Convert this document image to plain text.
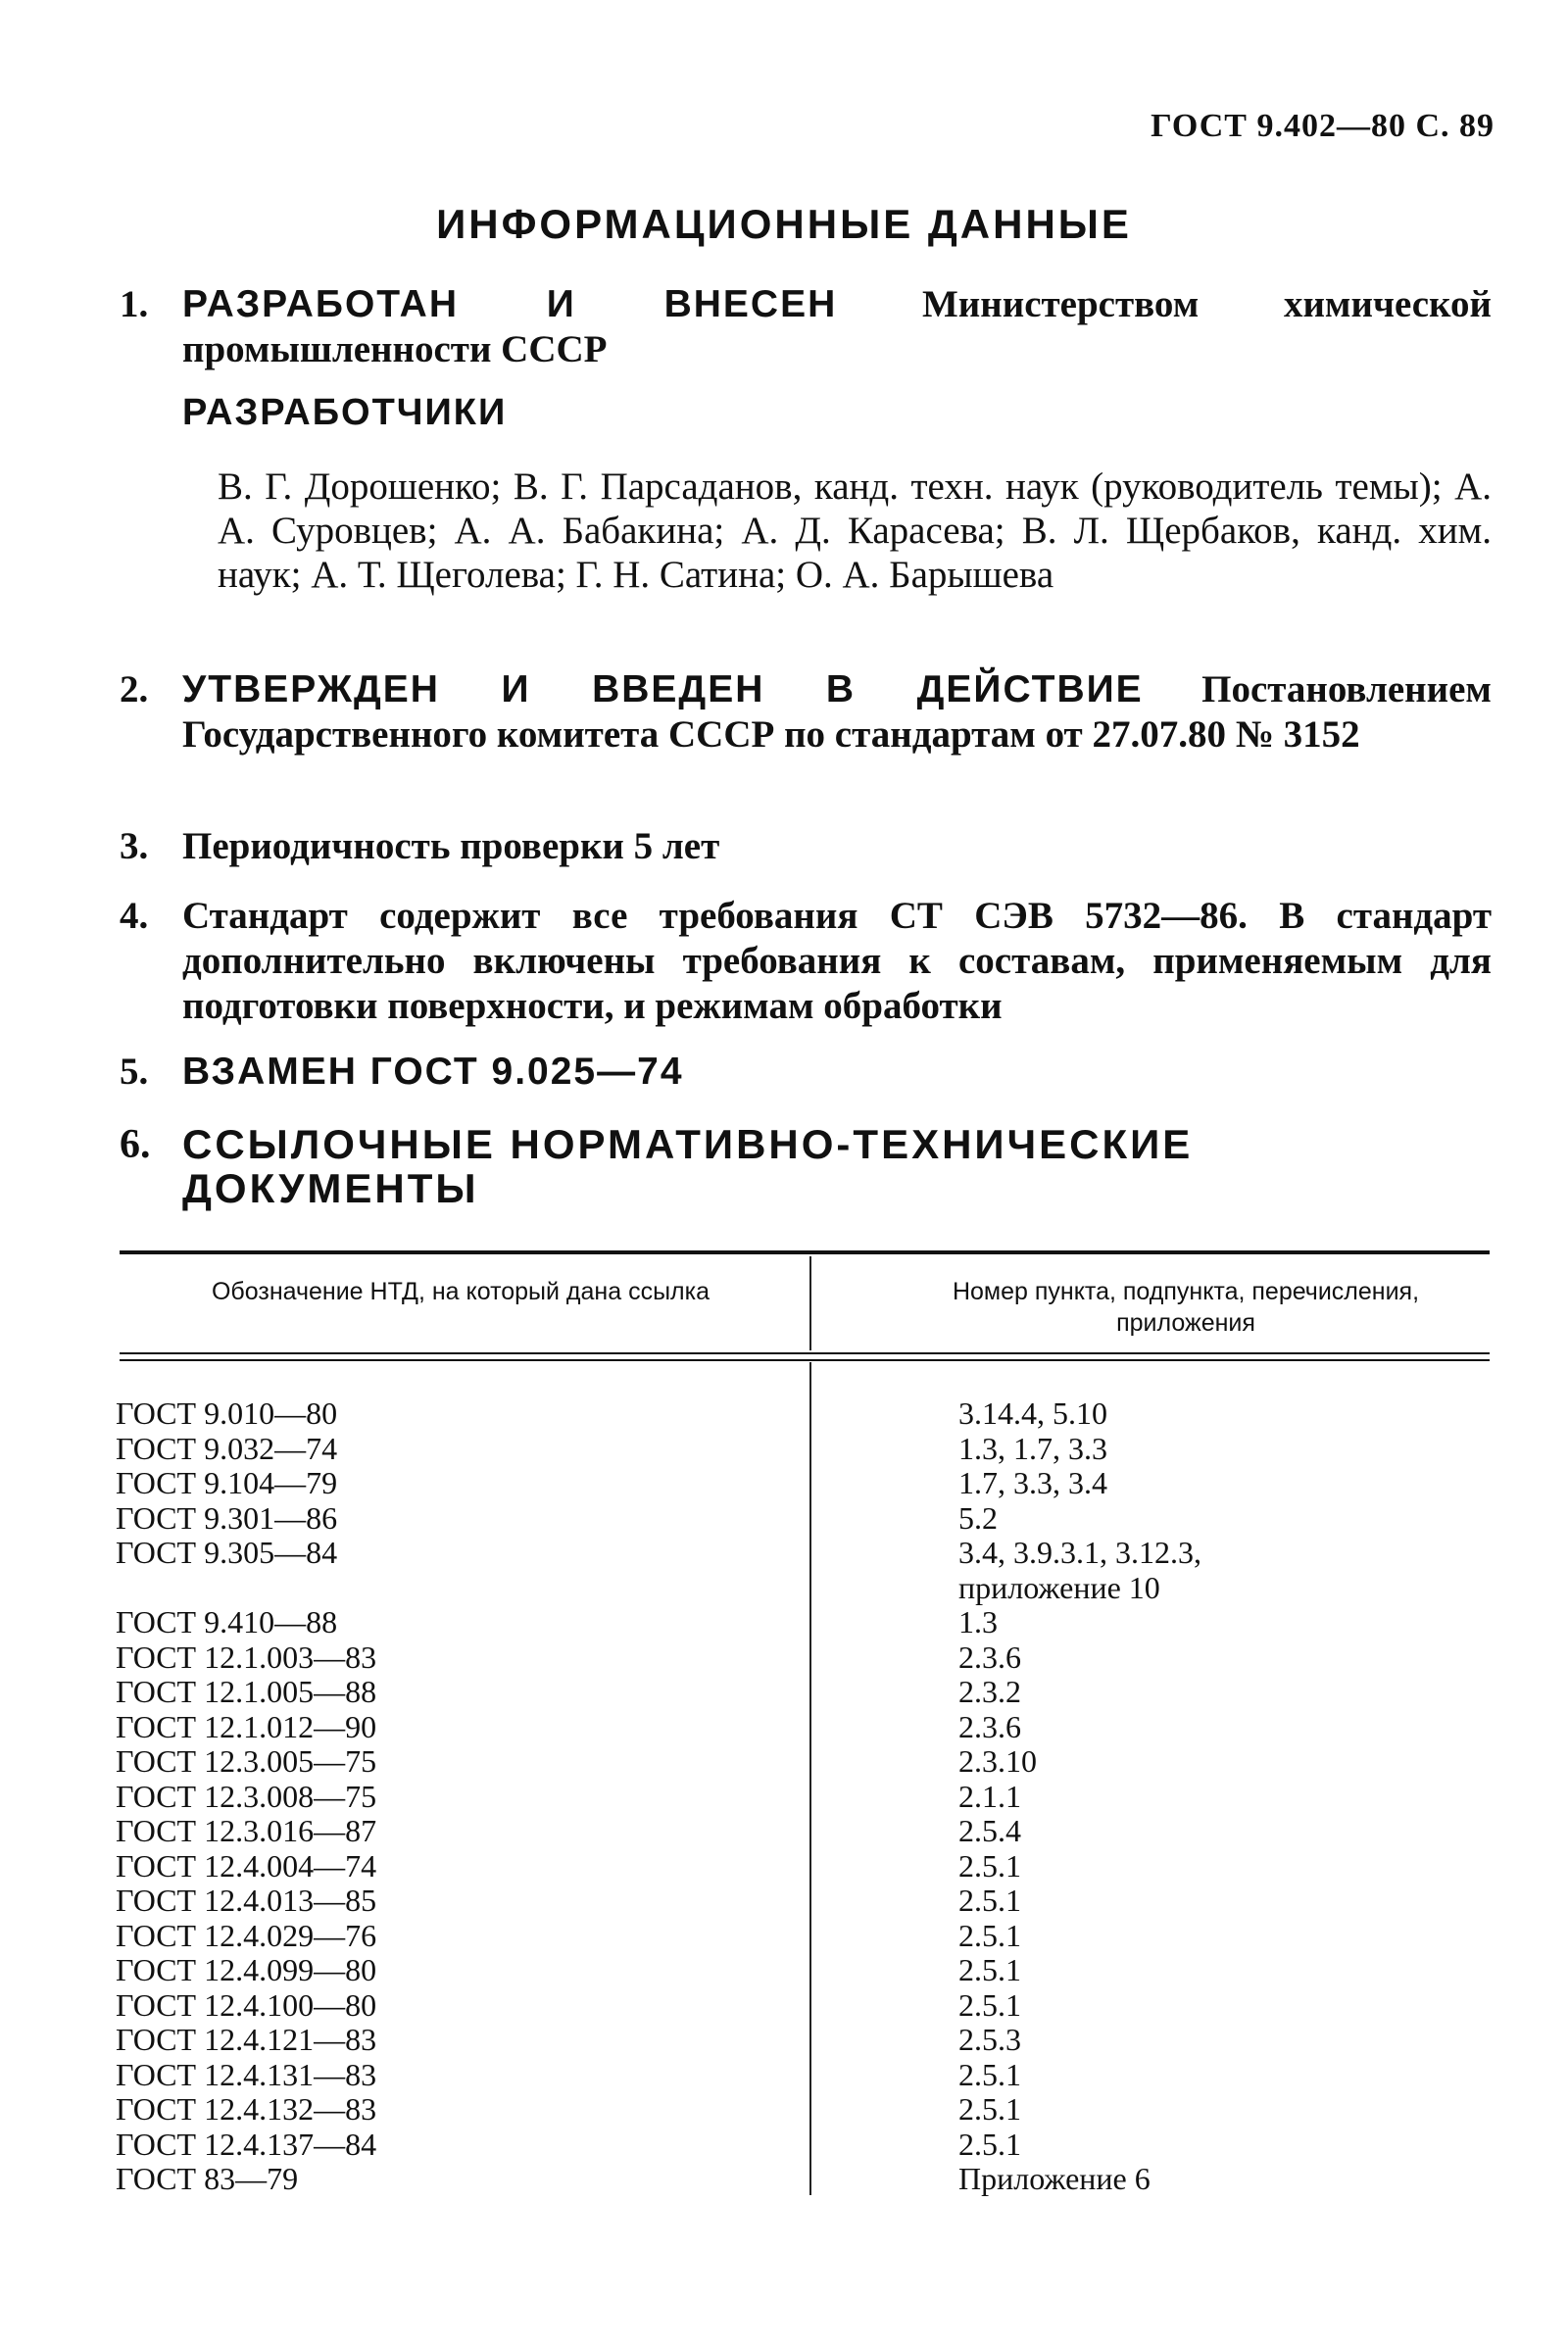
ГОСТ 9.402—80 С. 89
ИНФОРМАЦИОННЫЕ ДАННЫЕ
1. РАЗРАБОТАН И ВНЕСЕН Министерством химической промышленности СССР
РАЗРАБОТЧИКИ
В. Г. Дорошенко; В. Г. Парсаданов, канд. техн. наук (руководитель темы); А. А. Суровцев; А. А. Бабакина; А. Д. Карасева; В. Л. Щербаков, канд. хим. наук; А. Т. Щеголева; Г. Н. Сатина; О. А. Барышева
2. УТВЕРЖДЕН И ВВЕДЕН В ДЕЙСТВИЕ Постановлением Государственного комитета СССР по стандартам от 27.07.80 № 3152
3. Периодичность проверки 5 лет
4. Стандарт содержит все требования СТ СЭВ 5732—86. В стандарт дополнительно включены требования к составам, применяемым для подготовки поверхности, и режимам обработки
5. ВЗАМЕН ГОСТ 9.025—74
6. ССЫЛОЧНЫЕ НОРМАТИВНО-ТЕХНИЧЕСКИЕ ДОКУМЕНТЫ
Обозначение НТД, на который дана ссылка	Номер пункта, подпункта, перечисления, приложения
ГОСТ 9.010—80
ГОСТ 9.032—74
ГОСТ 9.104—79
ГОСТ 9.301—86
ГОСТ 9.305—84
ГОСТ 9.410—88
ГОСТ 12.1.003—83
ГОСТ 12.1.005—88
ГОСТ 12.1.012—90
ГОСТ 12.3.005—75
ГОСТ 12.3.008—75
ГОСТ 12.3.016—87
ГОСТ 12.4.004—74
ГОСТ 12.4.013—85
ГОСТ 12.4.029—76
ГОСТ 12.4.099—80
ГОСТ 12.4.100—80
ГОСТ 12.4.121—83
ГОСТ 12.4.131—83
ГОСТ 12.4.132—83
ГОСТ 12.4.137—84
ГОСТ 83—79
3.14.4, 5.10
1.3, 1.7, 3.3
1.7, 3.3, 3.4
5.2
3.4, 3.9.3.1, 3.12.3,
приложение 10
1.3
2.3.6
2.3.2
2.3.6
2.3.10
2.1.1
2.5.4
2.5.1
2.5.1
2.5.1
2.5.1
2.5.1
2.5.3
2.5.1
2.5.1
2.5.1
Приложение 6
